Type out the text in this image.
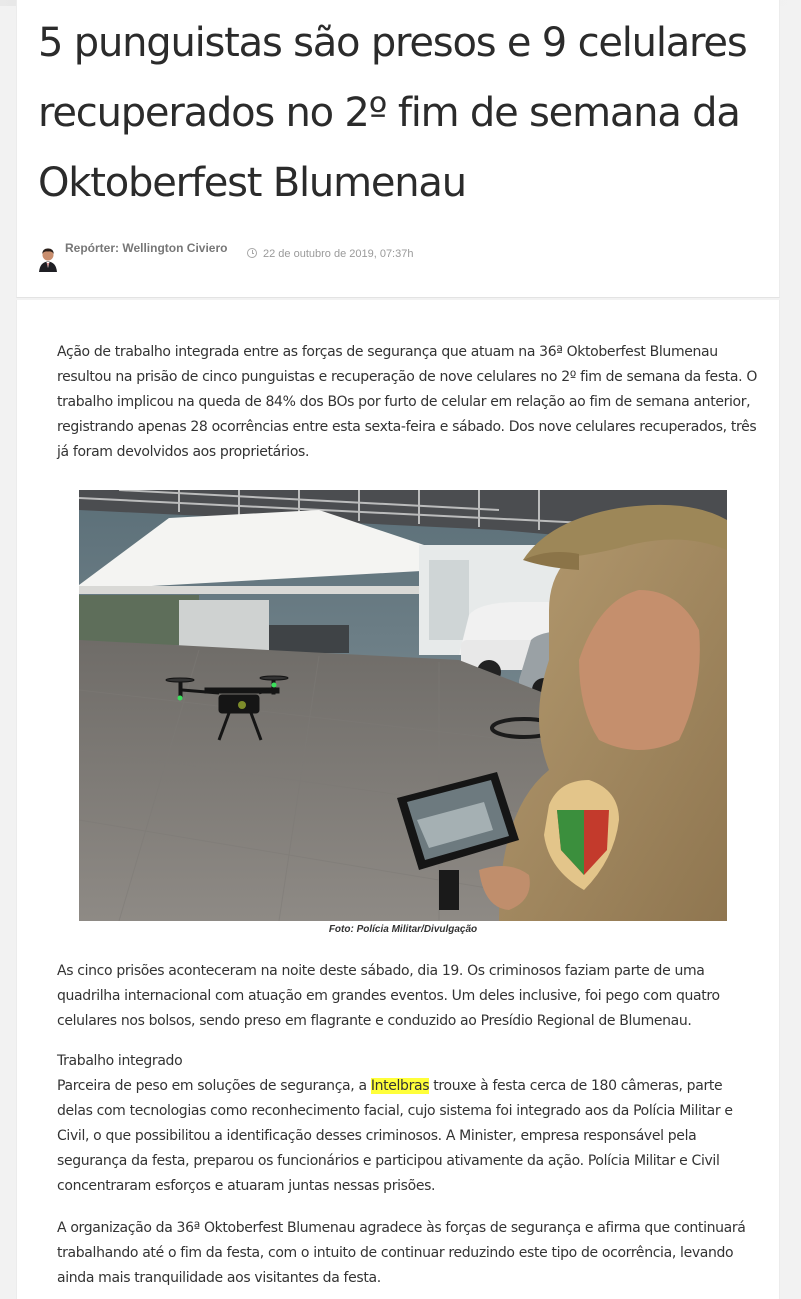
5 punguistas são presos e 9 celulares recuperados no 2º fim de semana da Oktoberfest Blumenau
Repórter: Wellington Civiero	22 de outubro de 2019, 07:37h

Ação de trabalho integrada entre as forças de segurança que atuam na 36ª Oktoberfest Blumenau resultou na prisão de cinco punguistas e recuperação de nove celulares no 2º fim de semana da festa. O trabalho implicou na queda de 84% dos BOs por furto de celular em relação ao fim de semana anterior, registrando apenas 28 ocorrências entre esta sexta-feira e sábado. Dos nove celulares recuperados, três já foram devolvidos aos proprietários.

Foto: Polícia Militar/Divulgação

As cinco prisões aconteceram na noite deste sábado, dia 19. Os criminosos faziam parte de uma quadrilha internacional com atuação em grandes eventos. Um deles inclusive, foi pego com quatro celulares nos bolsos, sendo preso em flagrante e conduzido ao Presídio Regional de Blumenau.

Trabalho integrado

Parceira de peso em soluções de segurança, a Intelbras trouxe à festa cerca de 180 câmeras, parte delas com tecnologias como reconhecimento facial, cujo sistema foi integrado aos da Polícia Militar e Civil, o que possibilitou a identificação desses criminosos. A Minister, empresa responsável pela segurança da festa, preparou os funcionários e participou ativamente da ação. Polícia Militar e Civil concentraram esforços e atuaram juntas nessas prisões.

A organização da 36ª Oktoberfest Blumenau agradece às forças de segurança e afirma que continuará trabalhando até o fim da festa, com o intuito de continuar reduzindo este tipo de ocorrência, levando ainda mais tranquilidade aos visitantes da festa.
